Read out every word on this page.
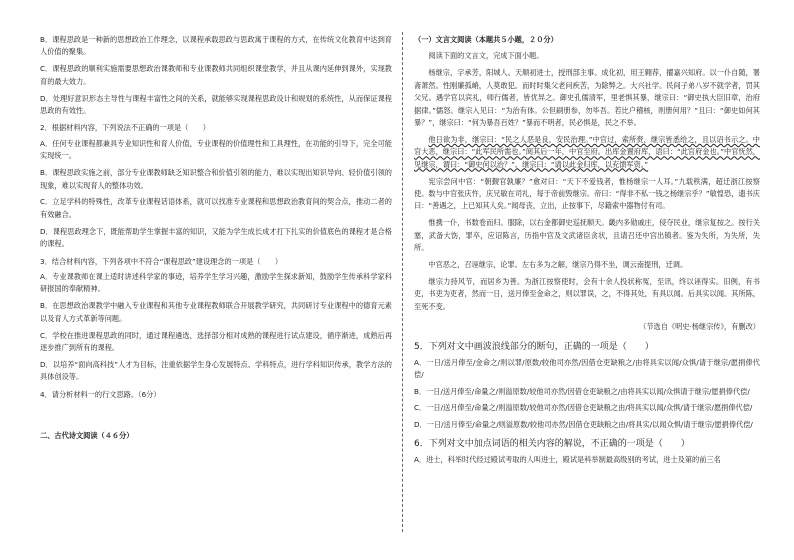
B．课程思政是一种新的思想政治工作理念，以课程承载思政与思政寓于课程的方式，在传统文化教育中达到育人价值的聚集。

C．课程思政的顺利实施需要思想政治课教师和专业课教师共同组织课堂教学，并且从课内延伸到课外，实现教育的最大效力。

D．处理好意识形态主导性与课程丰富性之间的关系，就能够实现课程思政设计和规划的系统性，从而保证课程思政的有效性。

2．根据材料内容，下列说法不正确的一项是（　　）

A．任何专业课程都兼具专业知识性和育人价值，专业课程的价值理性和工具理性，在功能的引导下，完全可能实现统一。

B．课程思政实施之前，部分专业课教师缺乏知识整合和价值引领的能力，难以实现出知识导向、轻价值引领的现象，难以实现育人的整体功效。

C．立足学科的特殊性，改革专业课程话语体系，就可以找准专业课程和思想政治教育间的契合点，推动二者的有效融合。

D．课程思政理念下，既能帮助学生掌握丰富的知识，又能为学生成长成才打下扎实的价值底色的课程才是合格的课程。

3．结合材料内容，下列各项中不符合“课程思政”建设理念的一项是（　　）

A．专业课教师在课上适时讲述科学家的事迹，培养学生学习兴趣，激励学生探求新知，鼓励学生传承科学家科研报国的奉献精神。

B．在思想政治课教学中融入专业课程和其他专业课程教师联合开展教学研究，共同研讨专业课程中的德育元素以及育人方式革新等问题。

C．学校在推进课程思政的同时，通过课程遴选，选择部分相对成熟的课程进行试点建设，循序渐进，成熟后再逐步推广到所有的课程。

D．以培养“面向高科技”人才为目标，注重依据学生身心发展特点、学科特点，进行学科知识传承，教学方法的具体创设等。

4．请分析材料一的行文思路。（6分）

二、古代诗文阅读（４６分）

（一）文言文阅读（本题共５小题，２０分）

阅读下面的文言文，完成下面小题。

杨继宗，字承芳，阳城人。天顺初进士，授刑部主事。成化初，用王翱荐，擢嘉兴知府。以一仆自随，署斋萧然。性刚廉孤峭，人莫敢犯。而时时集父老问疾苦，为除弊之。大兴社学。民间子弟八岁不就学者，罚其父兄。遇学官以宾礼，师行儒者，皆优异之。御史孔儒清军，里老惧其暴，继宗曰：“御史执大臣旧章，治府据律。”儒怒。继宗入见曰：“为治有体。公但刷册参，勿毕吾。若比户稽核，则册何用？”且曰：“御史如何其暴？”，继宗曰：“何为暴吾百姓？”暴而不明者，民必惧是，民之不举。

他日欲为非，继宗曰：“民之人恶是良，安民治理。”中官过，索所赍，继宗皆悉给之，且以诏书示之。中官大恶，继宗曰：“此军民所需也。”阅其后一年，中官至府。出库金置府库，语曰：“此官府金也。”中官怃然，见继宗，谓曰：“御史何以治？”。继宗曰：“请以此金归库，以充馈军资。”

宪宗尝问中官：“朝觐官孰廉？”愈对曰：“天下不爱钱者，惟杨继宗一人耳。”九载秩满，超迁浙江按察使。数与中官张庆忤，庆兄敏在司礼，每于帝前毁继宗。帝曰：“得非不私一钱之杨继宗乎？”敏惶恐，遗书庆曰：“善遇之，上已知其人矣。”闻母丧，立出，止按事下，尽籍索中器物付有司。

惟携一仆，书数卷而归。服除，以右金都御史巡抚顺天。畿内多勋戚庄，侵夺民业，继宗复按之。按行关塞，武备大饬，罪卒，应诏陈言，历指中官及文武诸臣贪状，且请召还中宫出镇者。鉴为失所，为失所，失所。

中官恶之，召诬继宗，论罪。左右多为之解，继宗乃得不坐，调云南提刑，迁调。

继宗力持风节，而居乡为善。为浙江按察使时，会有十余人投状称冤，至讯，终以诬得实。旧例，有书吏，书吏为吏者，然而一日，送月俸至金命之，则以罪误，之，不得其处，有具以闻。后具实以闻。其所陈，至死不变。

（节选自《明史·杨继宗传》，有删改）

5．下列对文中画波浪线部分的断句，正确的一项是（　　）

A．一日/送月俸至/金命之/则以罪/原数/较他司亦然/因借仓吏缺粮之/由将具实以闻/众惧/请于继宗/愿捐俸代偿/

B．一日/送月俸至/命量之/则溢原数/较他司亦然/因借仓吏缺粮之/由将具实以闻/众惧请于继宗/愿捐俸代偿/

C．一日/送月俸至/命量之/则溢原数/较他司亦然/因借仓吏缺粮之由/将具实以闻/众惧/请于继宗/愿捐俸代偿/

D．一日/送月俸至/命量之/则溢原数/较他司亦然/因借仓吏缺粮之由/将具实/以闻众惧/请于继宗/愿捐俸代偿/

6．下列对文中加点词语的相关内容的解说，不正确的一项是（　　）

A．进士，科举时代经过殿试考取的人叫进士，殿试是科举制最高级别的考试，进士及第的前三名
